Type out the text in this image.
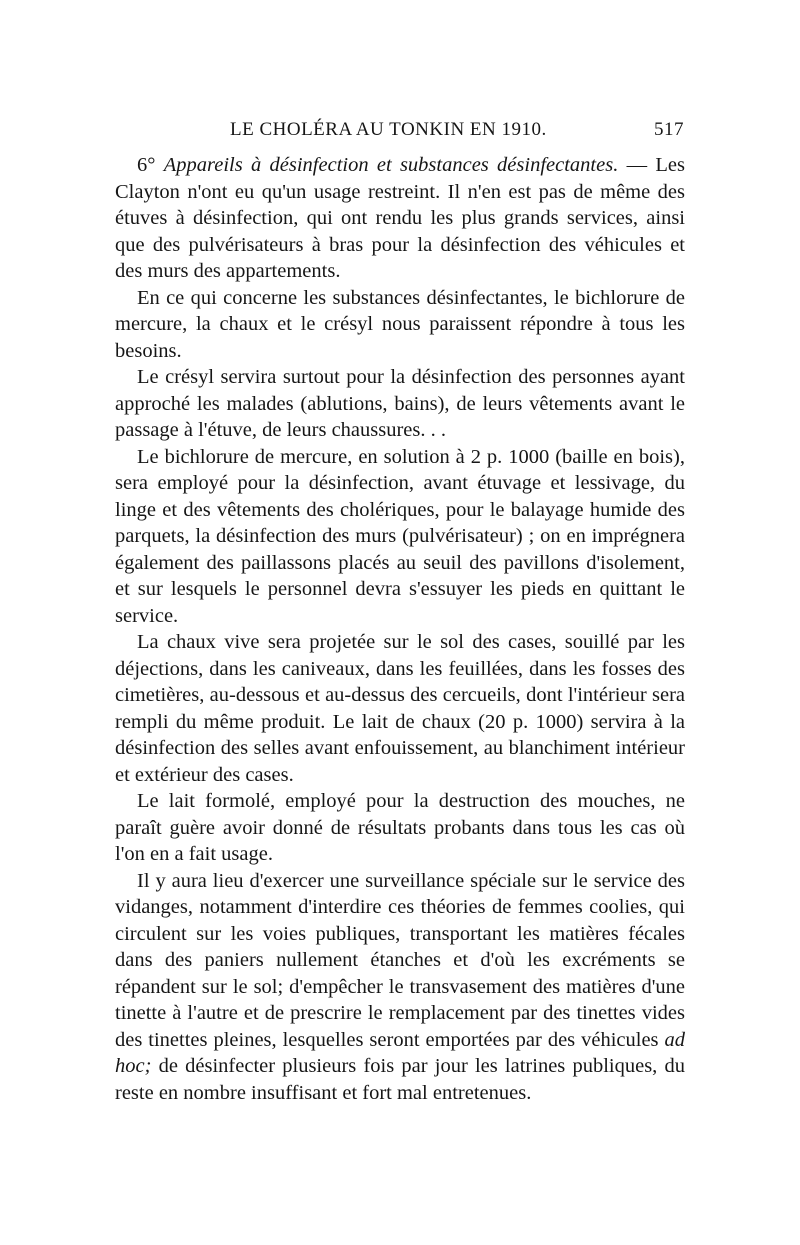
LE CHOLÉRA AU TONKIN EN 1910.	517

6° Appareils à désinfection et substances désinfectantes. — Les Clayton n'ont eu qu'un usage restreint. Il n'en est pas de même des étuves à désinfection, qui ont rendu les plus grands services, ainsi que des pulvérisateurs à bras pour la désinfection des véhicules et des murs des appartements.

En ce qui concerne les substances désinfectantes, le bichlorure de mercure, la chaux et le crésyl nous paraissent répondre à tous les besoins.

Le crésyl servira surtout pour la désinfection des personnes ayant approché les malades (ablutions, bains), de leurs vêtements avant le passage à l'étuve, de leurs chaussures. . .

Le bichlorure de mercure, en solution à 2 p. 1000 (baille en bois), sera employé pour la désinfection, avant étuvage et lessivage, du linge et des vêtements des cholériques, pour le balayage humide des parquets, la désinfection des murs (pulvérisateur) ; on en imprégnera également des paillassons placés au seuil des pavillons d'isolement, et sur lesquels le personnel devra s'essuyer les pieds en quittant le service.

La chaux vive sera projetée sur le sol des cases, souillé par les déjections, dans les caniveaux, dans les feuillées, dans les fosses des cimetières, au-dessous et au-dessus des cercueils, dont l'intérieur sera rempli du même produit. Le lait de chaux (20 p. 1000) servira à la désinfection des selles avant enfouissement, au blanchiment intérieur et extérieur des cases.

Le lait formolé, employé pour la destruction des mouches, ne paraît guère avoir donné de résultats probants dans tous les cas où l'on en a fait usage.

Il y aura lieu d'exercer une surveillance spéciale sur le service des vidanges, notamment d'interdire ces théories de femmes coolies, qui circulent sur les voies publiques, transportant les matières fécales dans des paniers nullement étanches et d'où les excréments se répandent sur le sol; d'empêcher le transvasement des matières d'une tinette à l'autre et de prescrire le remplacement par des tinettes vides des tinettes pleines, lesquelles seront emportées par des véhicules ad hoc; de désinfecter plusieurs fois par jour les latrines publiques, du reste en nombre insuffisant et fort mal entretenues.
